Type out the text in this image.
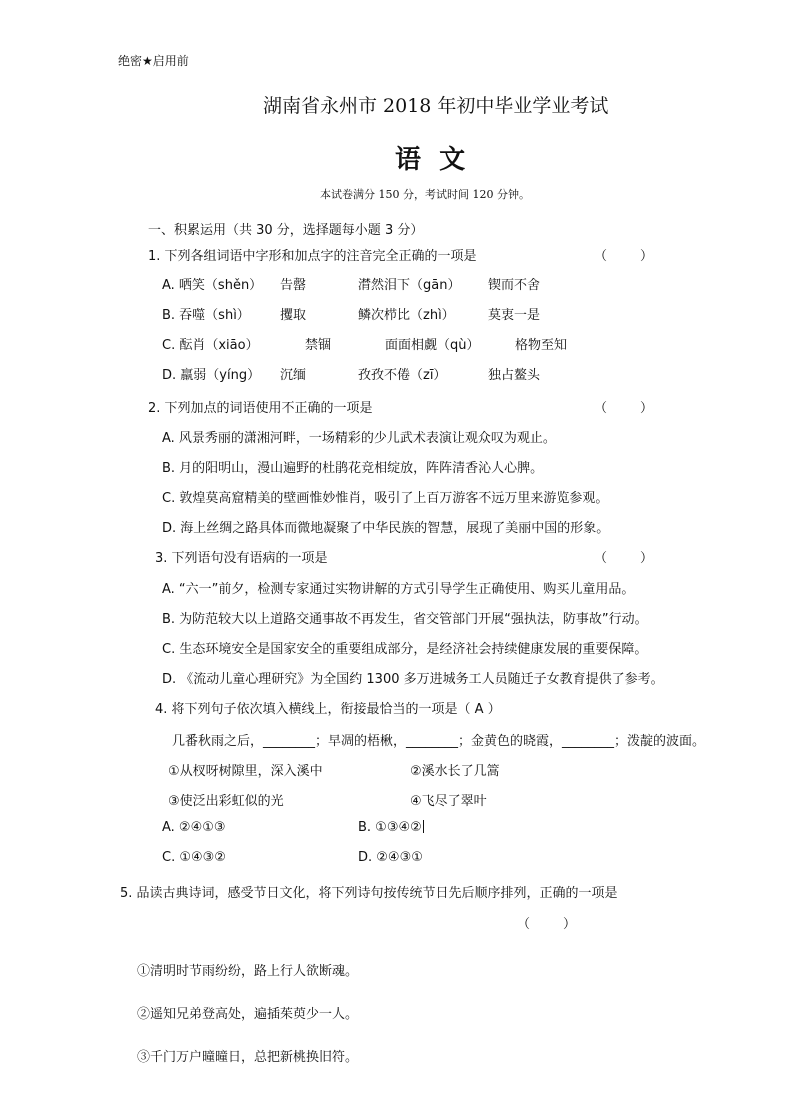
绝密★启用前
湖南省永州市 2018 年初中毕业学业考试
语  文
本试卷满分 150 分，考试时间 120 分钟。
一、积累运用（共 30 分，选择题每小题 3 分）
1. 下列各组词语中字形和加点字的注音完全正确的一项是	（        ）
A. 哂笑（shěn） 告罄	潸然泪下（gān） 锲而不舍
B. 吞噬（shì） 攫取	鳞次栉比（zhì）	莫衷一是
C. 酝肖（xiāo）	禁锢	面面相觑（qù）	格物至知
D. 羸弱（yíng） 沉缅	孜孜不倦（zī）	独占鳌头
2. 下列加点的词语使用不正确的一项是	（        ）
A. 风景秀丽的潇湘河畔，一场精彩的少儿武术表演让观众叹为观止。
B. 月的阳明山，漫山遍野的杜鹃花竞相绽放，阵阵清香沁人心脾。
C. 敦煌莫高窟精美的壁画惟妙惟肖，吸引了上百万游客不远万里来游览参观。
D. 海上丝绸之路具体而微地凝聚了中华民族的智慧，展现了美丽中国的形象。
3. 下列语句没有语病的一项是	（        ）
A. “六一”前夕，检测专家通过实物讲解的方式引导学生正确使用、购买儿童用品。
B. 为防范较大以上道路交通事故不再发生，省交管部门开展“强执法，防事故”行动。
C. 生态环境安全是国家安全的重要组成部分，是经济社会持续健康发展的重要保障。
D. 《流动儿童心理研究》为全国约 1300 多万进城务工人员随迁子女教育提供了参考。
4. 将下列句子依次填入横线上，衔接最恰当的一项是（ A ）
几番秋雨之后，________；早凋的梧楸，________；金黄色的晓霞，________；泼靛的波面。
①从杈呀树隙里，深入溪中	②溪水长了几篙
③使泛出彩虹似的光	④飞尽了翠叶
A. ②④①③	B. ①③④②
C. ①④③②	D. ②④③①
5. 品读古典诗词，感受节日文化，将下列诗句按传统节日先后顺序排列，正确的一项是
（        ）
①清明时节雨纷纷，路上行人欲断魂。
②遥知兄弟登高处，遍插茱萸少一人。
③千门万户曈曈日，总把新桃换旧符。
